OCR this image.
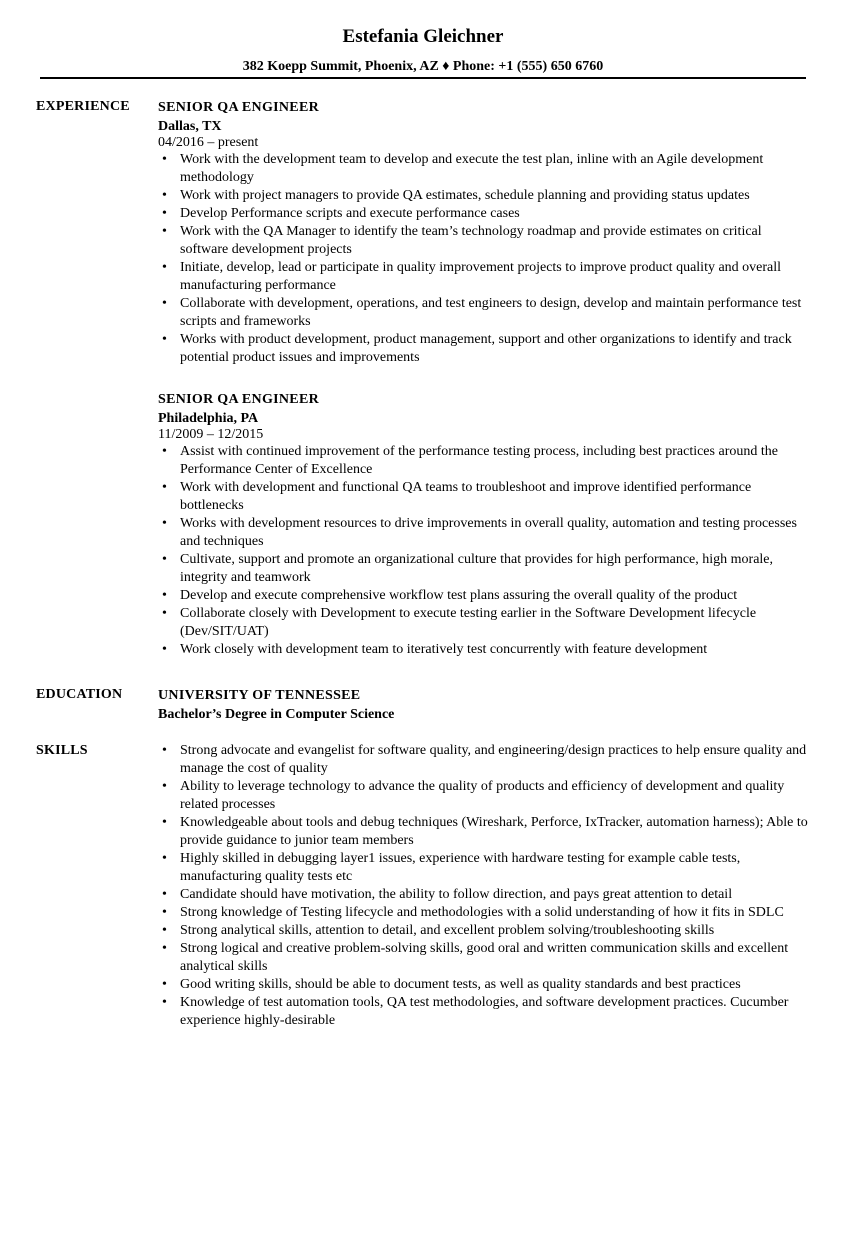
Estefania Gleichner
382 Koepp Summit, Phoenix, AZ ♦ Phone: +1 (555) 650 6760
EXPERIENCE SENIOR QA ENGINEER
Dallas, TX
04/2016 – present
• Work with the development team to develop and execute the test plan, inline with an Agile development methodology
• Work with project managers to provide QA estimates, schedule planning and providing status updates
• Develop Performance scripts and execute performance cases
• Work with the QA Manager to identify the team’s technology roadmap and provide estimates on critical software development projects
• Initiate, develop, lead or participate in quality improvement projects to improve product quality and overall manufacturing performance
• Collaborate with development, operations, and test engineers to design, develop and maintain performance test scripts and frameworks
• Works with product development, product management, support and other organizations to identify and track potential product issues and improvements
SENIOR QA ENGINEER
Philadelphia, PA
11/2009 – 12/2015
• Assist with continued improvement of the performance testing process, including best practices around the Performance Center of Excellence
• Work with development and functional QA teams to troubleshoot and improve identified performance bottlenecks
• Works with development resources to drive improvements in overall quality, automation and testing processes and techniques
• Cultivate, support and promote an organizational culture that provides for high performance, high morale, integrity and teamwork
• Develop and execute comprehensive workflow test plans assuring the overall quality of the product
• Collaborate closely with Development to execute testing earlier in the Software Development lifecycle (Dev/SIT/UAT)
• Work closely with development team to iteratively test concurrently with feature development
EDUCATION	UNIVERSITY OF TENNESSEE
Bachelor’s Degree in Computer Science
SKILLS
•	Strong advocate and evangelist for software quality, and engineering/design practices to help ensure quality and manage the cost of quality
• Ability to leverage technology to advance the quality of products and efficiency of development and quality related processes
• Knowledgeable about tools and debug techniques (Wireshark, Perforce, IxTracker, automation harness); Able to provide guidance to junior team members
• Highly skilled in debugging layer1 issues, experience with hardware testing for example cable tests, manufacturing quality tests etc
• Candidate should have motivation, the ability to follow direction, and pays great attention to detail
• Strong knowledge of Testing lifecycle and methodologies with a solid understanding of how it fits in SDLC
• Strong analytical skills, attention to detail, and excellent problem solving/troubleshooting skills
• Strong logical and creative problem-solving skills, good oral and written communication skills and excellent analytical skills
• Good writing skills, should be able to document tests, as well as quality standards and best practices
• Knowledge of test automation tools, QA test methodologies, and software development practices. Cucumber experience highly-desirable
